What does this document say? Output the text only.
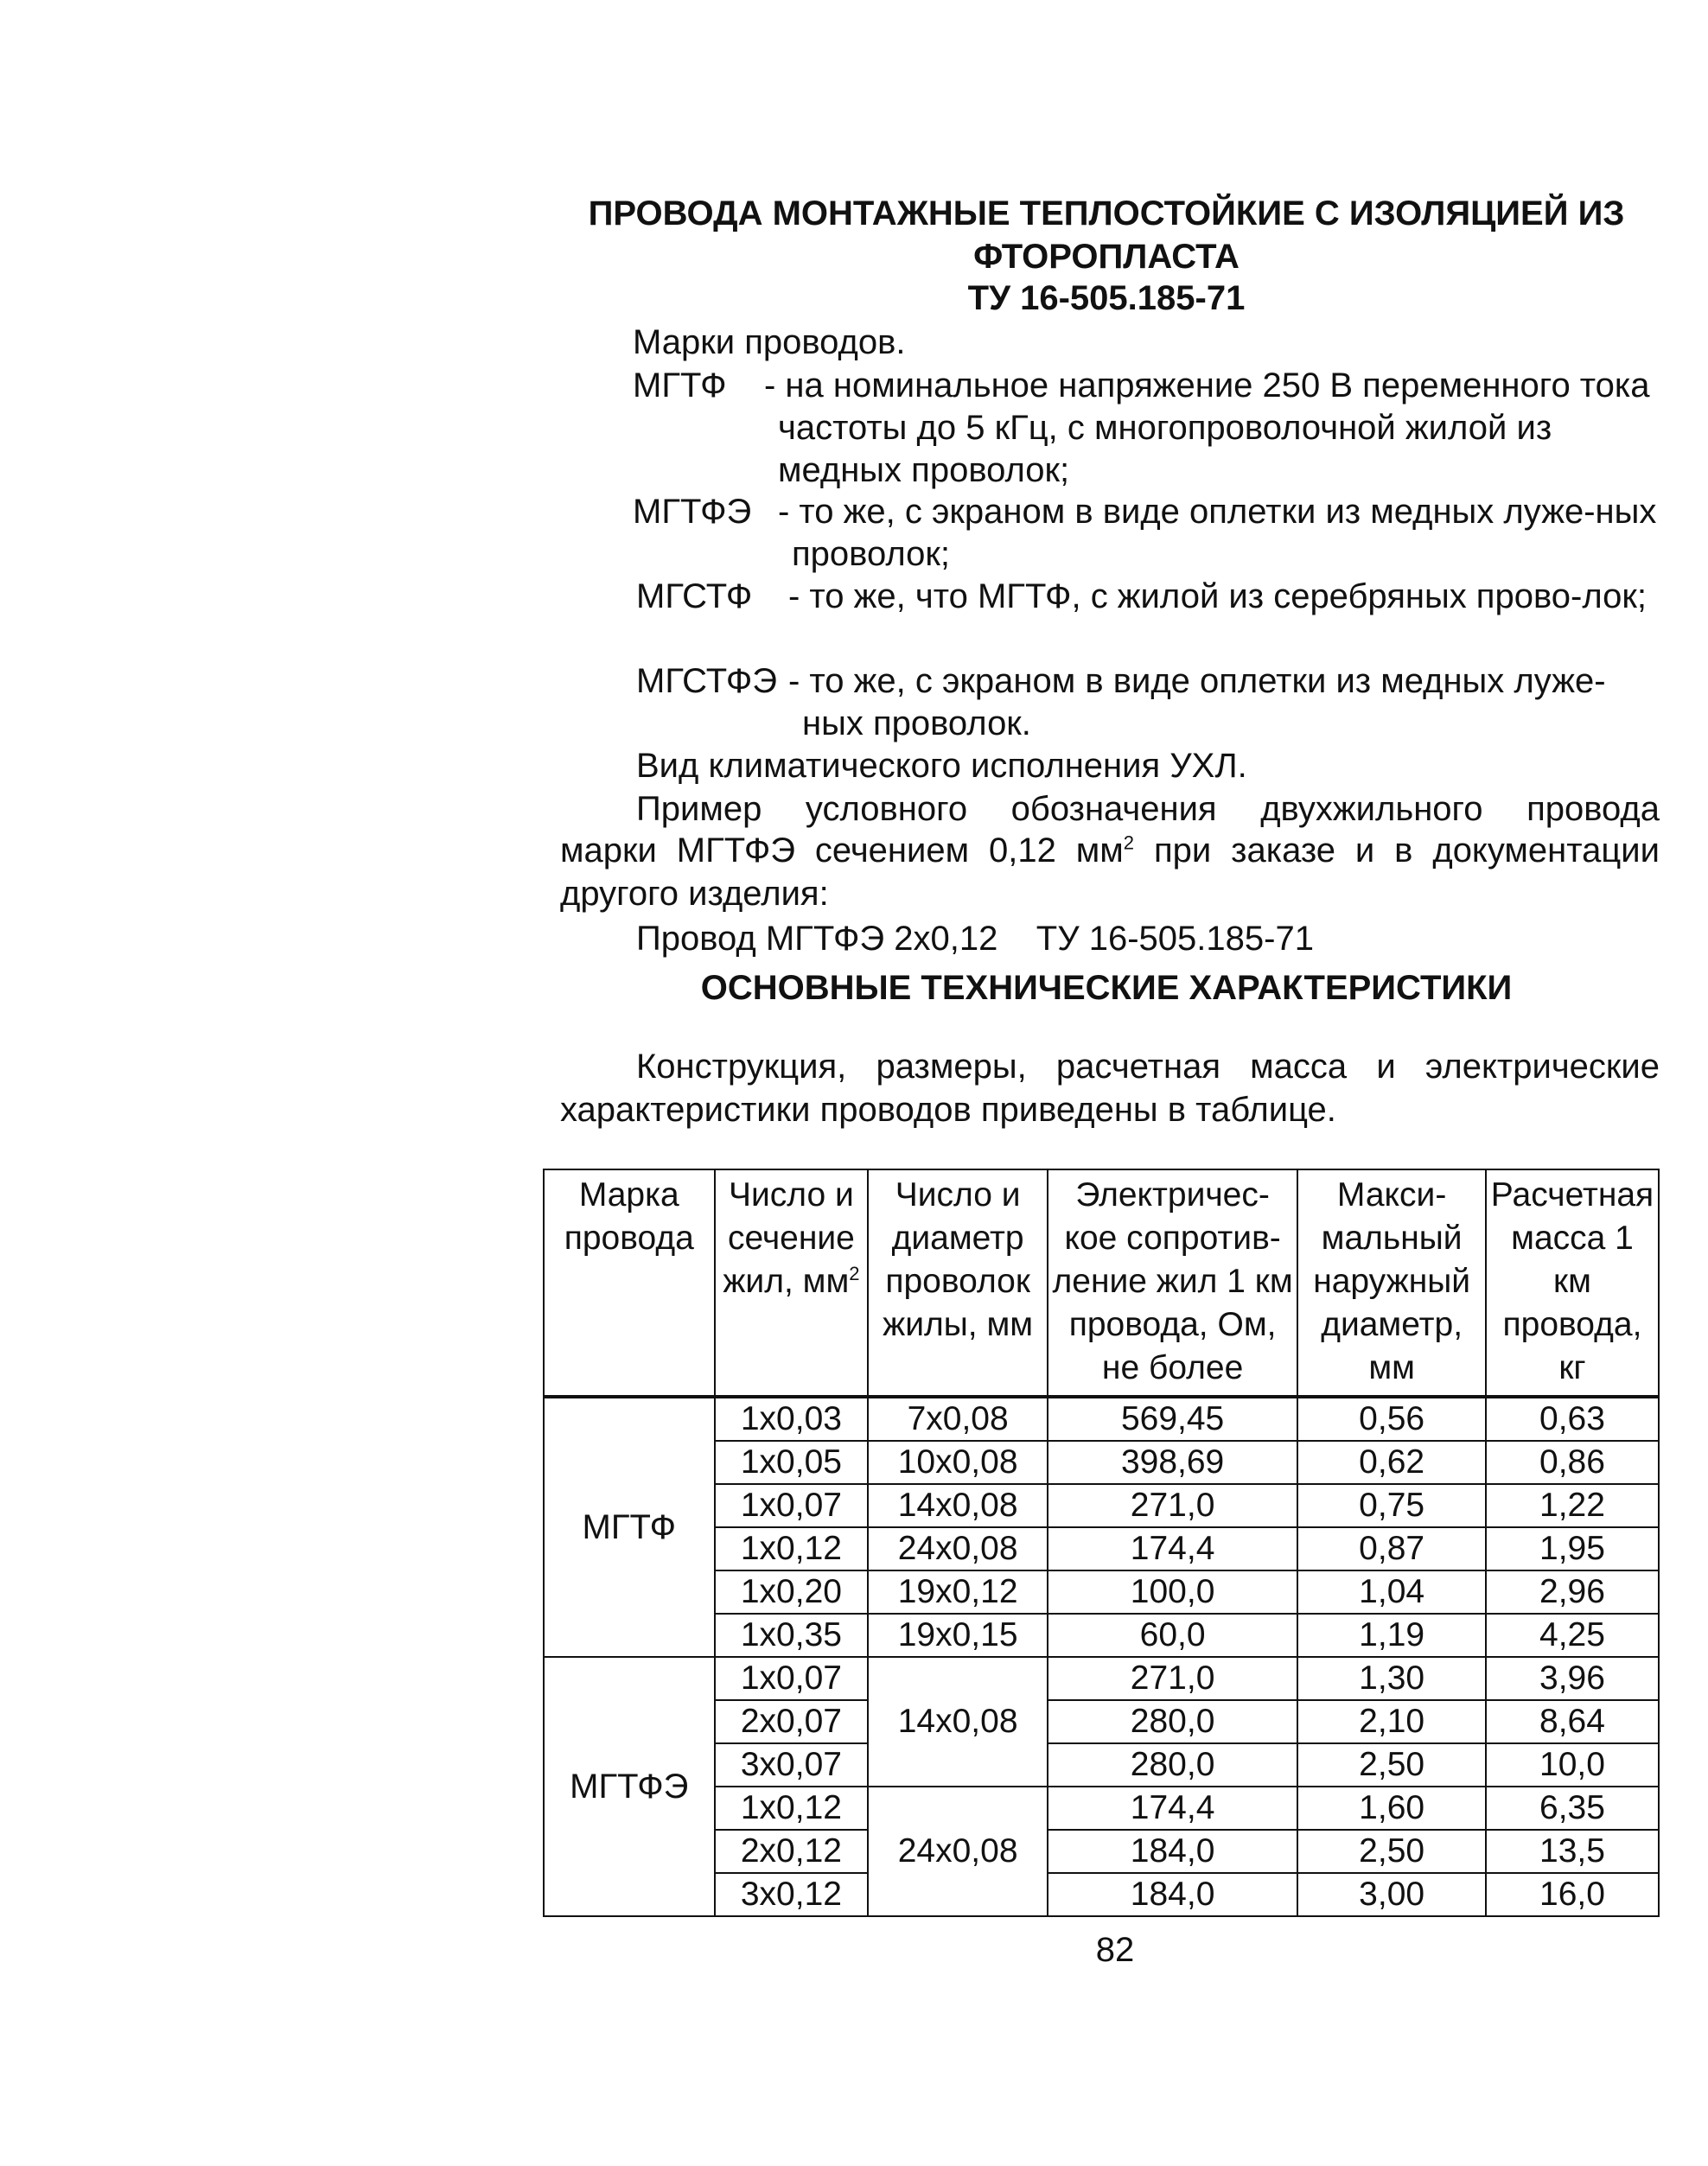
ПРОВОДА МОНТАЖНЫЕ ТЕПЛОСТОЙКИЕ С ИЗОЛЯЦИЕЙ ИЗ
ФТОРОПЛАСТА
ТУ 16-505.185-71
Марки проводов.
МГТФ - на номинальное напряжение 250 В переменного тока частоты до 5 кГц, с многопроволочной жилой из медных проволок;
МГТФЭ - то же, с экраном в виде оплетки из медных луже-ных проволок;
МГСТФ - то же, что МГТФ, с жилой из серебряных прово-лок;
МГСТФЭ - то же, с экраном в виде оплетки из медных луже-ных проволок.
Вид климатического исполнения УХЛ.
Пример условного обозначения двухжильного провода
марки МГТФЭ сечением 0,12 $мм^2$ при заказе и в документации
другого изделия:
Провод МГТФЭ 2х0,12    ТУ 16-505.185-71
ОСНОВНЫЕ ТЕХНИЧЕСКИЕ ХАРАКТЕРИСТИКИ
Конструкция, размеры, расчетная масса и электрические
характеристики проводов приведены в таблице.
Марка провода	Число и сечение жил, $мм^2$	Число и диаметр проволок жилы, мм	Электричес-кое сопротив-ление жил 1 км провода, Ом, не более	Макси-мальный наружный диаметр, мм	Расчетная масса 1 км провода, кг
МГТФ	1х0,03	7х0,08	569,45	0,56	0,63
	1х0,05	10х0,08	398,69	0,62	0,86
	1х0,07	14х0,08	271,0	0,75	1,22
	1х0,12	24х0,08	174,4	0,87	1,95
	1х0,20	19х0,12	100,0	1,04	2,96
	1х0,35	19х0,15	60,0	1,19	4,25
МГТФЭ	1х0,07	14х0,08	271,0	1,30	3,96
	2х0,07		280,0	2,10	8,64
	3х0,07		280,0	2,50	10,0
	1х0,12	24х0,08	174,4	1,60	6,35
	2х0,12		184,0	2,50	13,5
	3х0,12		184,0	3,00	16,0
82
